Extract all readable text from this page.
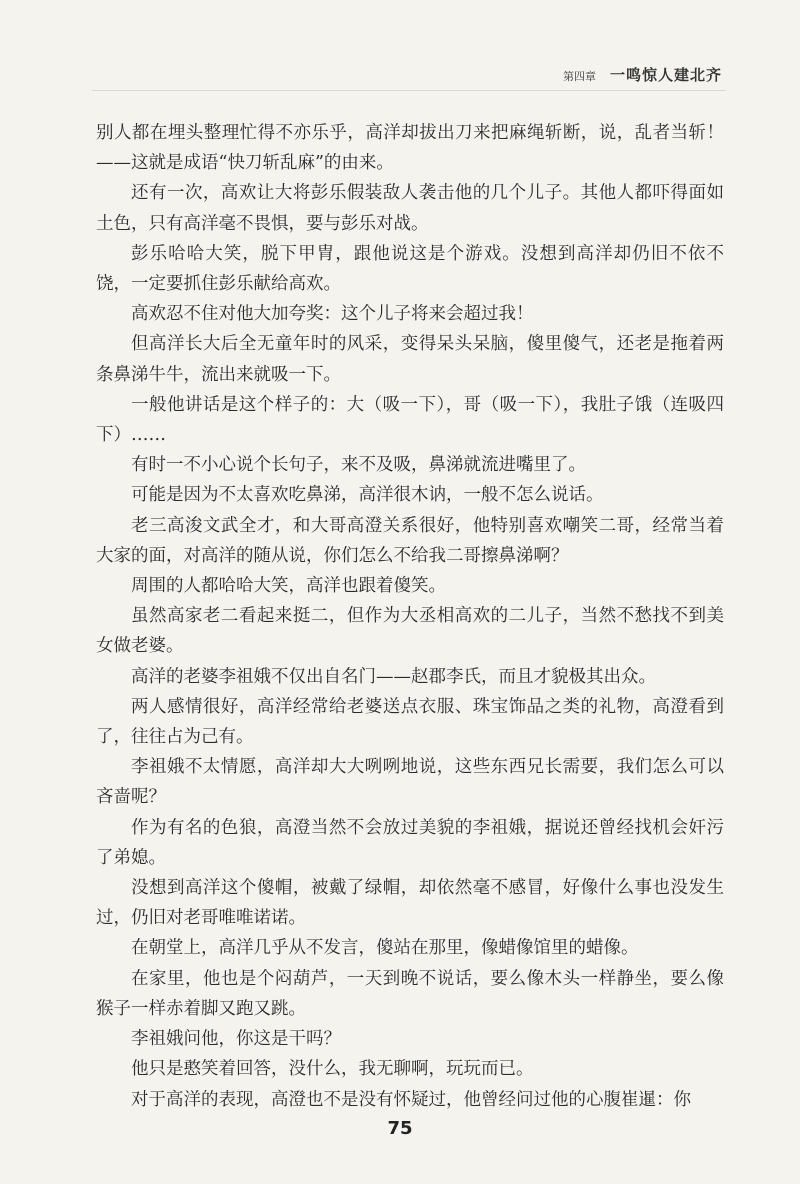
第四章 一鸣惊人建北齐

别人都在埋头整理忙得不亦乐乎，高洋却拔出刀来把麻绳斩断，说，乱者当斩！——这就是成语“快刀斩乱麻”的由来。

还有一次，高欢让大将彭乐假装敌人袭击他的几个儿子。其他人都吓得面如土色，只有高洋毫不畏惧，要与彭乐对战。

彭乐哈哈大笑，脱下甲胄，跟他说这是个游戏。没想到高洋却仍旧不依不饶，一定要抓住彭乐献给高欢。

高欢忍不住对他大加夸奖：这个儿子将来会超过我！

但高洋长大后全无童年时的风采，变得呆头呆脑，傻里傻气，还老是拖着两条鼻涕牛牛，流出来就吸一下。

一般他讲话是这个样子的：大（吸一下），哥（吸一下），我肚子饿（连吸四下）……

有时一不小心说个长句子，来不及吸，鼻涕就流进嘴里了。

可能是因为不太喜欢吃鼻涕，高洋很木讷，一般不怎么说话。

老三高浚文武全才，和大哥高澄关系很好，他特别喜欢嘲笑二哥，经常当着大家的面，对高洋的随从说，你们怎么不给我二哥擦鼻涕啊？

周围的人都哈哈大笑，高洋也跟着傻笑。

虽然高家老二看起来挺二，但作为大丞相高欢的二儿子，当然不愁找不到美女做老婆。

高洋的老婆李祖娥不仅出自名门——赵郡李氏，而且才貌极其出众。

两人感情很好，高洋经常给老婆送点衣服、珠宝饰品之类的礼物，高澄看到了，往往占为己有。

李祖娥不太情愿，高洋却大大咧咧地说，这些东西兄长需要，我们怎么可以吝啬呢？

作为有名的色狼，高澄当然不会放过美貌的李祖娥，据说还曾经找机会奸污了弟媳。

没想到高洋这个傻帽，被戴了绿帽，却依然毫不感冒，好像什么事也没发生过，仍旧对老哥唯唯诺诺。

在朝堂上，高洋几乎从不发言，傻站在那里，像蜡像馆里的蜡像。

在家里，他也是个闷葫芦，一天到晚不说话，要么像木头一样静坐，要么像猴子一样赤着脚又跑又跳。

李祖娥问他，你这是干吗？

他只是憨笑着回答，没什么，我无聊啊，玩玩而已。

对于高洋的表现，高澄也不是没有怀疑过，他曾经问过他的心腹崔暹：你

75
